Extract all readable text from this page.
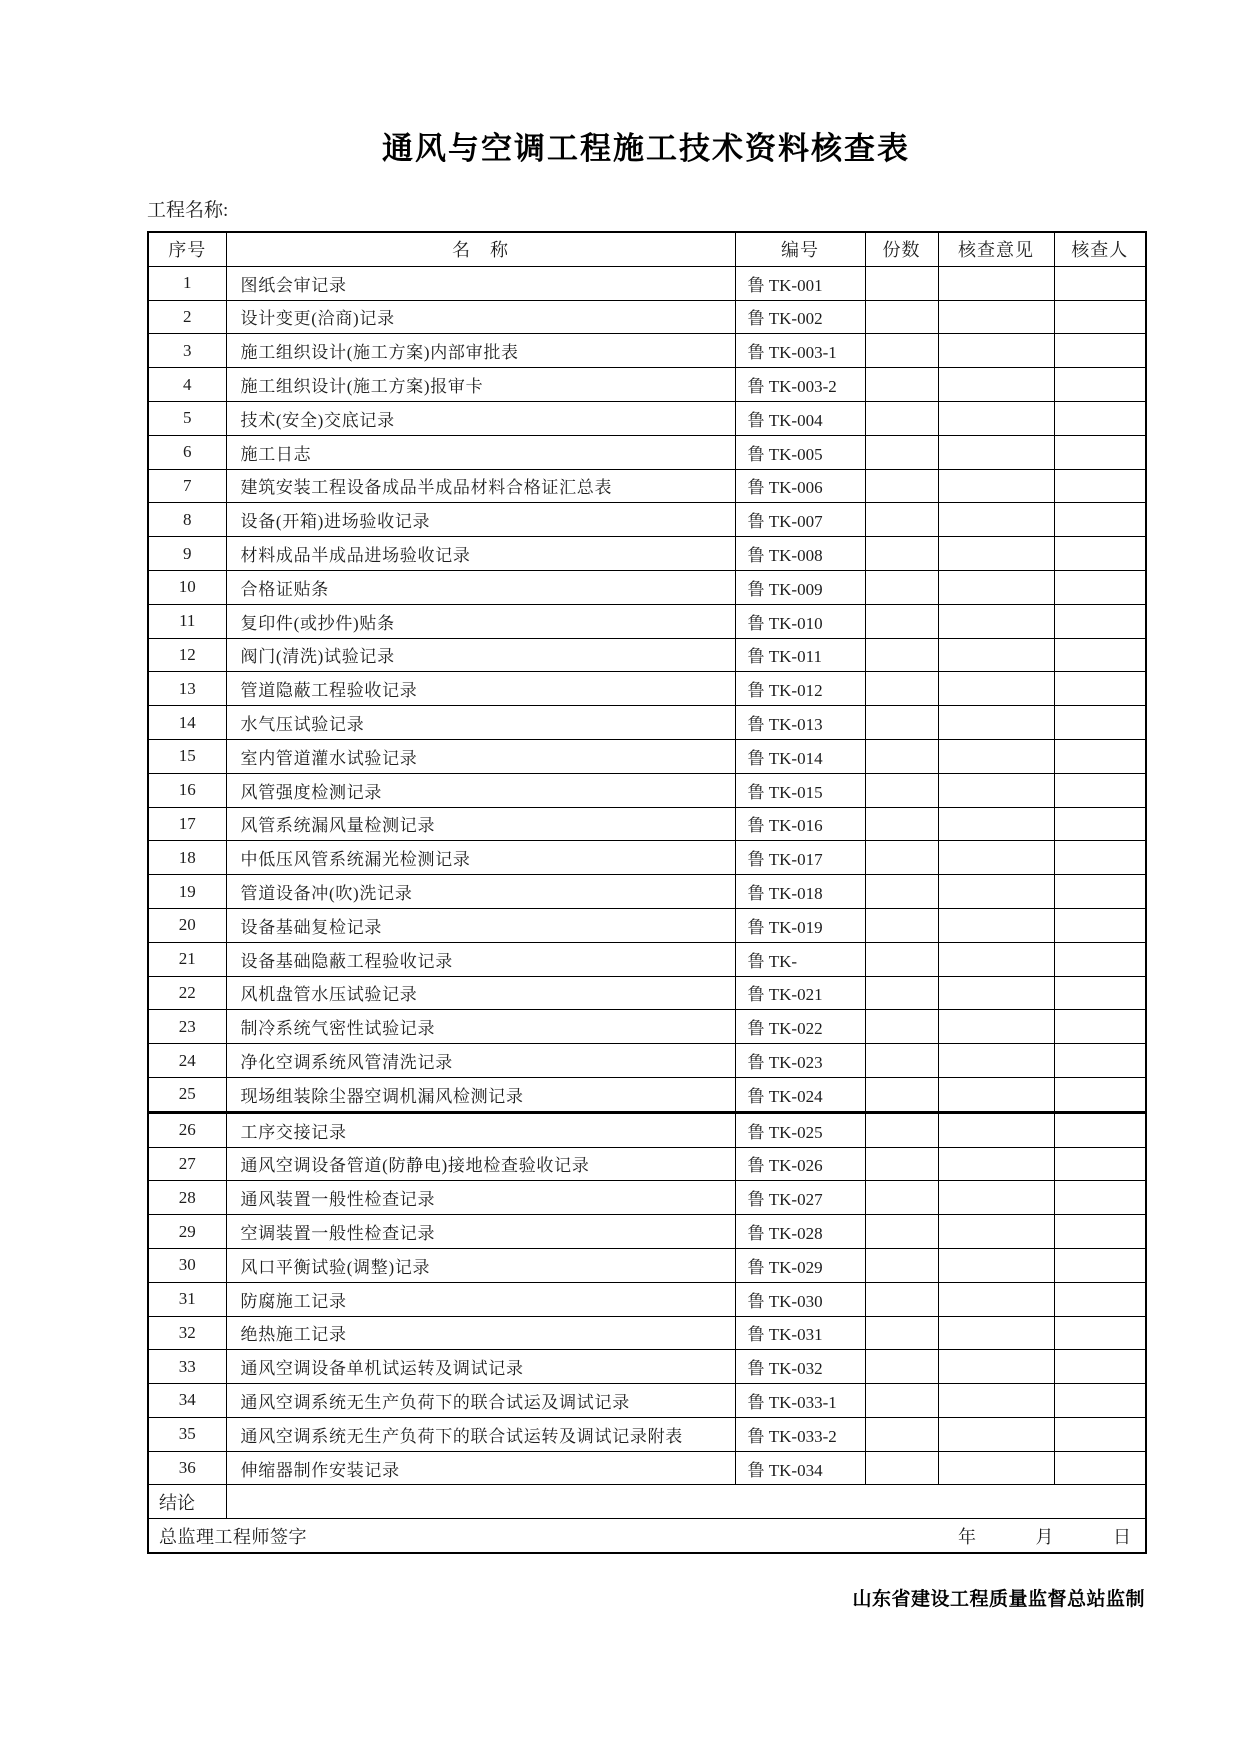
通风与空调工程施工技术资料核查表
工程名称:
序号	名　称	编号	份数	核查意见	核查人
1	图纸会审记录	鲁 TK-001			
2	设计变更(洽商)记录	鲁 TK-002			
3	施工组织设计(施工方案)内部审批表	鲁 TK-003-1			
4	施工组织设计(施工方案)报审卡	鲁 TK-003-2			
5	技术(安全)交底记录	鲁 TK-004			
6	施工日志	鲁 TK-005			
7	建筑安装工程设备成品半成品材料合格证汇总表	鲁 TK-006			
8	设备(开箱)进场验收记录	鲁 TK-007			
9	材料成品半成品进场验收记录	鲁 TK-008			
10	合格证贴条	鲁 TK-009			
11	复印件(或抄件)贴条	鲁 TK-010			
12	阀门(清洗)试验记录	鲁 TK-011			
13	管道隐蔽工程验收记录	鲁 TK-012			
14	水气压试验记录	鲁 TK-013			
15	室内管道灌水试验记录	鲁 TK-014			
16	风管强度检测记录	鲁 TK-015			
17	风管系统漏风量检测记录	鲁 TK-016			
18	中低压风管系统漏光检测记录	鲁 TK-017			
19	管道设备冲(吹)洗记录	鲁 TK-018			
20	设备基础复检记录	鲁 TK-019			
21	设备基础隐蔽工程验收记录	鲁 TK-			
22	风机盘管水压试验记录	鲁 TK-021			
23	制冷系统气密性试验记录	鲁 TK-022			
24	净化空调系统风管清洗记录	鲁 TK-023			
25	现场组装除尘器空调机漏风检测记录	鲁 TK-024			
26	工序交接记录	鲁 TK-025			
27	通风空调设备管道(防静电)接地检查验收记录	鲁 TK-026			
28	通风装置一般性检查记录	鲁 TK-027			
29	空调装置一般性检查记录	鲁 TK-028			
30	风口平衡试验(调整)记录	鲁 TK-029			
31	防腐施工记录	鲁 TK-030			
32	绝热施工记录	鲁 TK-031			
33	通风空调设备单机试运转及调试记录	鲁 TK-032			
34	通风空调系统无生产负荷下的联合试运及调试记录	鲁 TK-033-1			
35	通风空调系统无生产负荷下的联合试运转及调试记录附表	鲁 TK-033-2			
36	伸缩器制作安装记录	鲁 TK-034			
结论					

总监理工程师签字 年 月 日					
山东省建设工程质量监督总站监制
